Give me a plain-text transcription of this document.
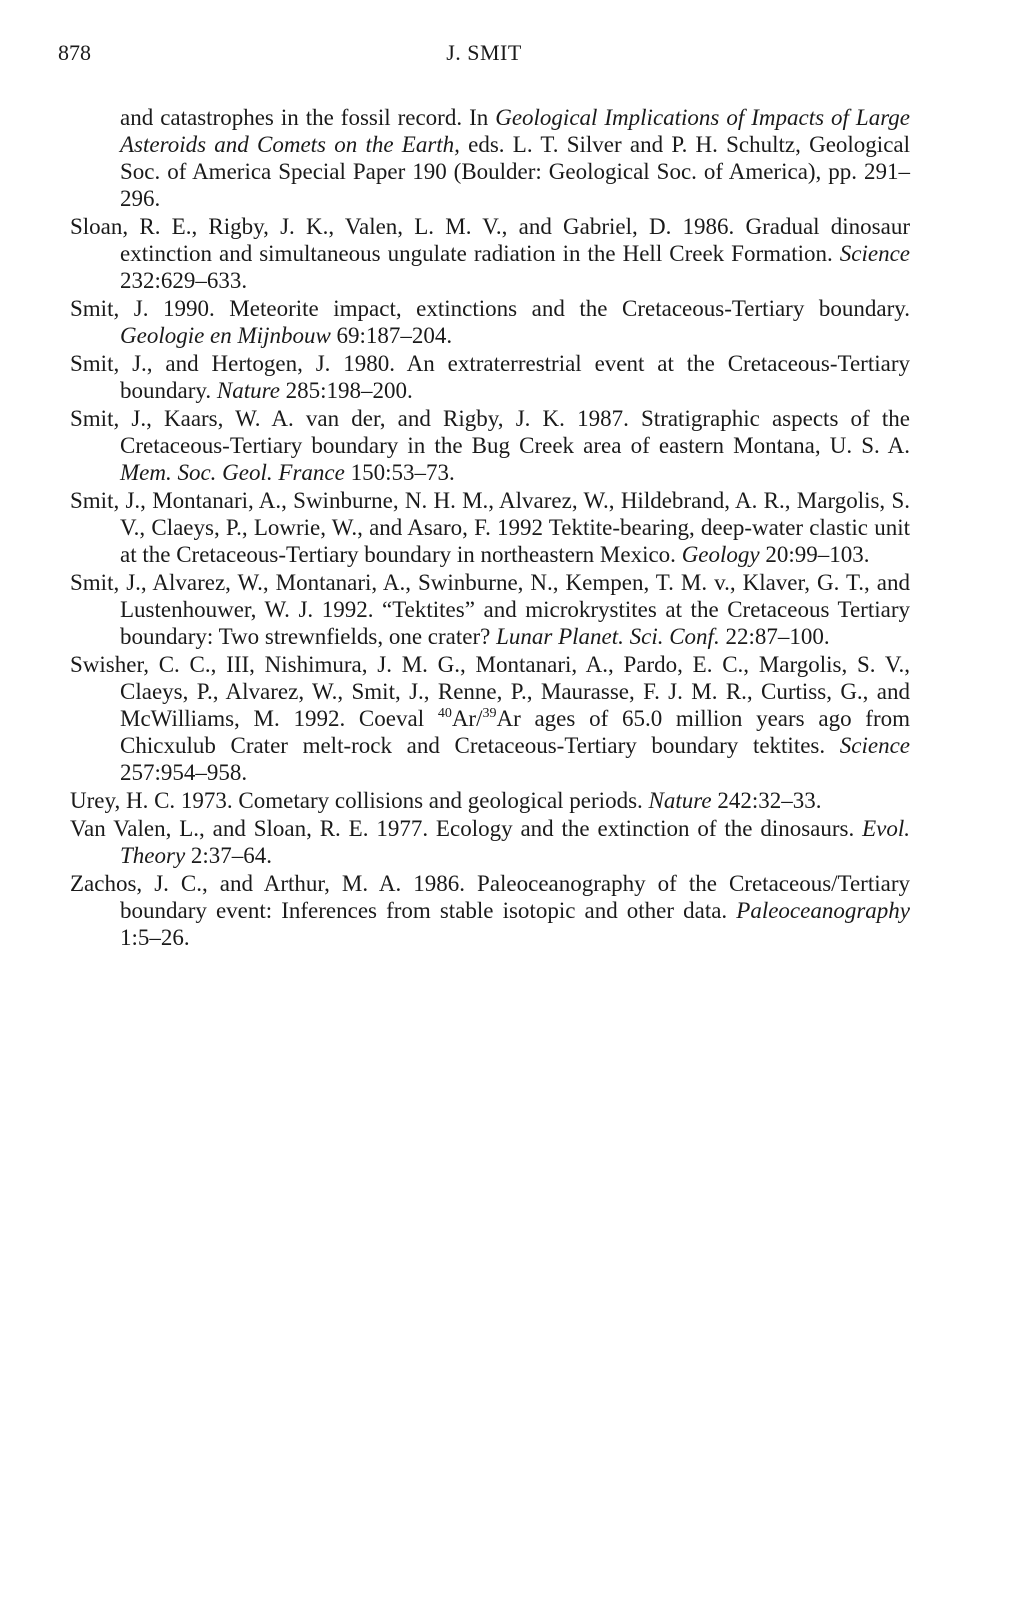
878	J. SMIT

and catastrophes in the fossil record. In Geological Implications of Impacts of Large Asteroids and Comets on the Earth, eds. L. T. Silver and P. H. Schultz, Geological Soc. of America Special Paper 190 (Boulder: Geological Soc. of America), pp. 291–296.

Sloan, R. E., Rigby, J. K., Valen, L. M. V., and Gabriel, D. 1986. Gradual dinosaur extinction and simultaneous ungulate radiation in the Hell Creek Formation. Science 232:629–633.

Smit, J. 1990. Meteorite impact, extinctions and the Cretaceous-Tertiary boundary. Geologie en Mijnbouw 69:187–204.

Smit, J., and Hertogen, J. 1980. An extraterrestrial event at the Cretaceous-Tertiary boundary. Nature 285:198–200.

Smit, J., Kaars, W. A. van der, and Rigby, J. K. 1987. Stratigraphic aspects of the Cretaceous-Tertiary boundary in the Bug Creek area of eastern Montana, U. S. A. Mem. Soc. Geol. France 150:53–73.

Smit, J., Montanari, A., Swinburne, N. H. M., Alvarez, W., Hildebrand, A. R., Margolis, S. V., Claeys, P., Lowrie, W., and Asaro, F. 1992 Tektite-bearing, deep-water clastic unit at the Cretaceous-Tertiary boundary in northeastern Mexico. Geology 20:99–103.

Smit, J., Alvarez, W., Montanari, A., Swinburne, N., Kempen, T. M. v., Klaver, G. T., and Lustenhouwer, W. J. 1992. “Tektites” and microkrystites at the Cretaceous Tertiary boundary: Two strewnfields, one crater? Lunar Planet. Sci. Conf. 22:87–100.

Swisher, C. C., III, Nishimura, J. M. G., Montanari, A., Pardo, E. C., Margolis, S. V., Claeys, P., Alvarez, W., Smit, J., Renne, P., Maurasse, F. J. M. R., Curtiss, G., and McWilliams, M. 1992. Coeval $^{40}$Ar/$^{39}$Ar ages of 65.0 million years ago from Chicxulub Crater melt-rock and Cretaceous-Tertiary boundary tektites. Science 257:954–958.

Urey, H. C. 1973. Cometary collisions and geological periods. Nature 242:32–33.

Van Valen, L., and Sloan, R. E. 1977. Ecology and the extinction of the dinosaurs. Evol. Theory 2:37–64.

Zachos, J. C., and Arthur, M. A. 1986. Paleoceanography of the Cretaceous/Tertiary boundary event: Inferences from stable isotopic and other data. Paleoceanography 1:5–26.
